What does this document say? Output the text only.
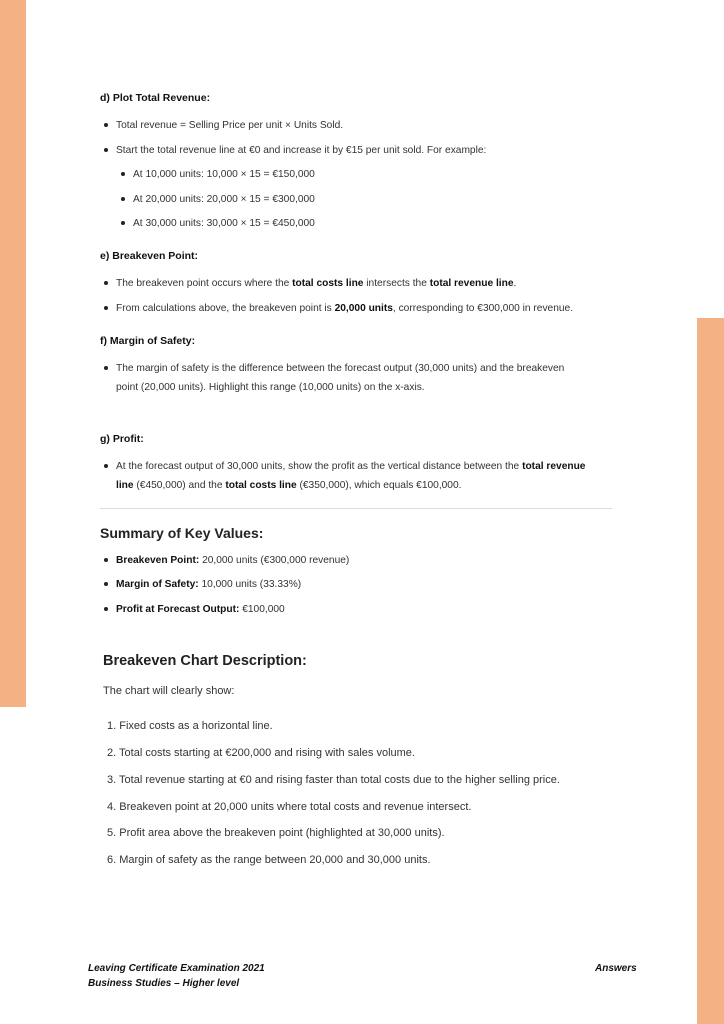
d) Plot Total Revenue:
Total revenue = Selling Price per unit × Units Sold.
Start the total revenue line at €0 and increase it by €15 per unit sold. For example:
At 10,000 units: 10,000 × 15 = €150,000
At 20,000 units: 20,000 × 15 = €300,000
At 30,000 units: 30,000 × 15 = €450,000
e) Breakeven Point:
The breakeven point occurs where the total costs line intersects the total revenue line.
From calculations above, the breakeven point is 20,000 units, corresponding to €300,000 in revenue.
f) Margin of Safety:
The margin of safety is the difference between the forecast output (30,000 units) and the breakeven
point (20,000 units). Highlight this range (10,000 units) on the x-axis.
g) Profit:
At the forecast output of 30,000 units, show the profit as the vertical distance between the total revenue
line (€450,000) and the total costs line (€350,000), which equals €100,000.
Summary of Key Values:
Breakeven Point: 20,000 units (€300,000 revenue)
Margin of Safety: 10,000 units (33.33%)
Profit at Forecast Output: €100,000
Breakeven Chart Description:
The chart will clearly show:
1. Fixed costs as a horizontal line.
2. Total costs starting at €200,000 and rising with sales volume.
3. Total revenue starting at €0 and rising faster than total costs due to the higher selling price.
4. Breakeven point at 20,000 units where total costs and revenue intersect.
5. Profit area above the breakeven point (highlighted at 30,000 units).
6. Margin of safety as the range between 20,000 and 30,000 units.
Leaving Certificate Examination 2021
Business Studies – Higher level
Answers
